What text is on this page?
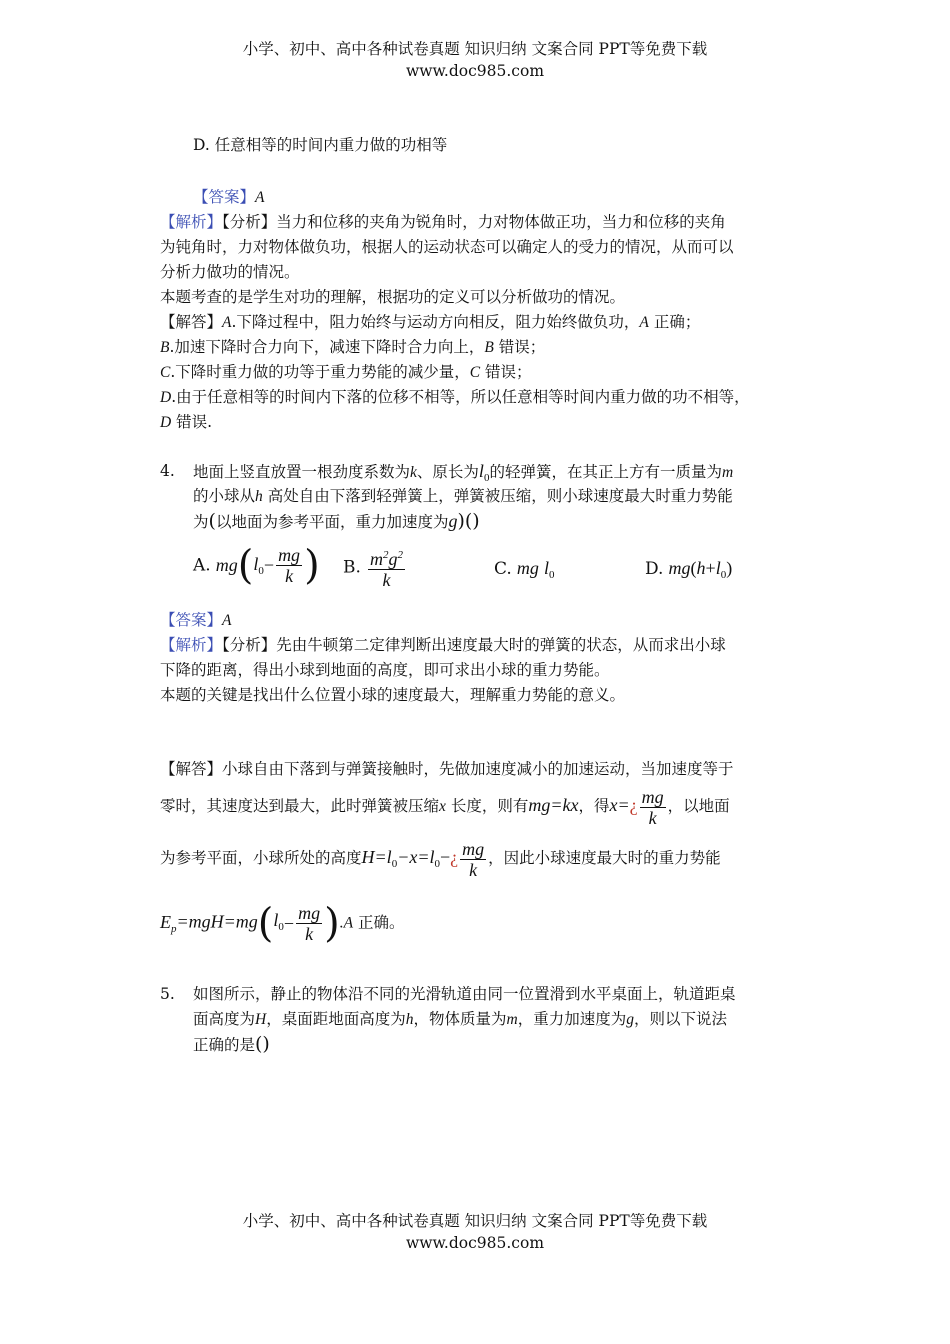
小学、初中、高中各种试卷真题 知识归纳 文案合同 PPT等免费下载
www.doc985.com
D. 任意相等的时间内重力做的功相等
【答案】A
【解析】【分析】当力和位移的夹角为锐角时，力对物体做正功，当力和位移的夹角
为钝角时，力对物体做负功，根据人的运动状态可以确定人的受力的情况，从而可以
分析力做功的情况。
本题考查的是学生对功的理解，根据功的定义可以分析做功的情况。
【解答】A.下降过程中，阻力始终与运动方向相反，阻力始终做负功，A 正确；
B.加速下降时合力向下，减速下降时合力向上，B 错误；
C.下降时重力做的功等于重力势能的减少量，C 错误；
D.由于任意相等的时间内下落的位移不相等，所以任意相等时间内重力做的功不相等，
D 错误.
4. 地面上竖直放置一根劲度系数为k、原长为$l_0$的轻弹簧，在其正上方有一质量为m
的小球从h 高处自由下落到轻弹簧上，弹簧被压缩，则小球速度最大时重力势能
为(以地面为参考平面，重力加速度为g)()
A. $mg(l_0- \frac{mg}{k}$ ) B. $\frac{m^2g^2}{k}$	C. mg $l_0$	D. $mg(h+l_0)$
【答案】A
【解析】【分析】先由牛顿第二定律判断出速度最大时的弹簧的状态，从而求出小球
下降的距离，得出小球到地面的高度，即可求出小球的重力势能。
本题的关键是找出什么位置小球的速度最大，理解重力势能的意义。
【解答】小球自由下落到与弹簧接触时，先做加速度减小的加速运动，当加速度等于
零时，其速度达到最大，此时弹簧被压缩x 长度，则有mg=kx，得x=¿ $\frac{mg}{k}$ ，以地面
为参考平面，小球所处的高度$H=l_0-x=l_0-¿ \frac{mg}{k}$ ，因此小球速度最大时的重力势能
$E_p=mgH=mg(l_0- \frac{mg}{k} ).A$ 正确。
5. 如图所示，静止的物体沿不同的光滑轨道由同一位置滑到水平桌面上，轨道距桌
面高度为H，桌面距地面高度为h，物体质量为m，重力加速度为g，则以下说法
正确的是()
小学、初中、高中各种试卷真题 知识归纳 文案合同 PPT等免费下载
www.doc985.com
